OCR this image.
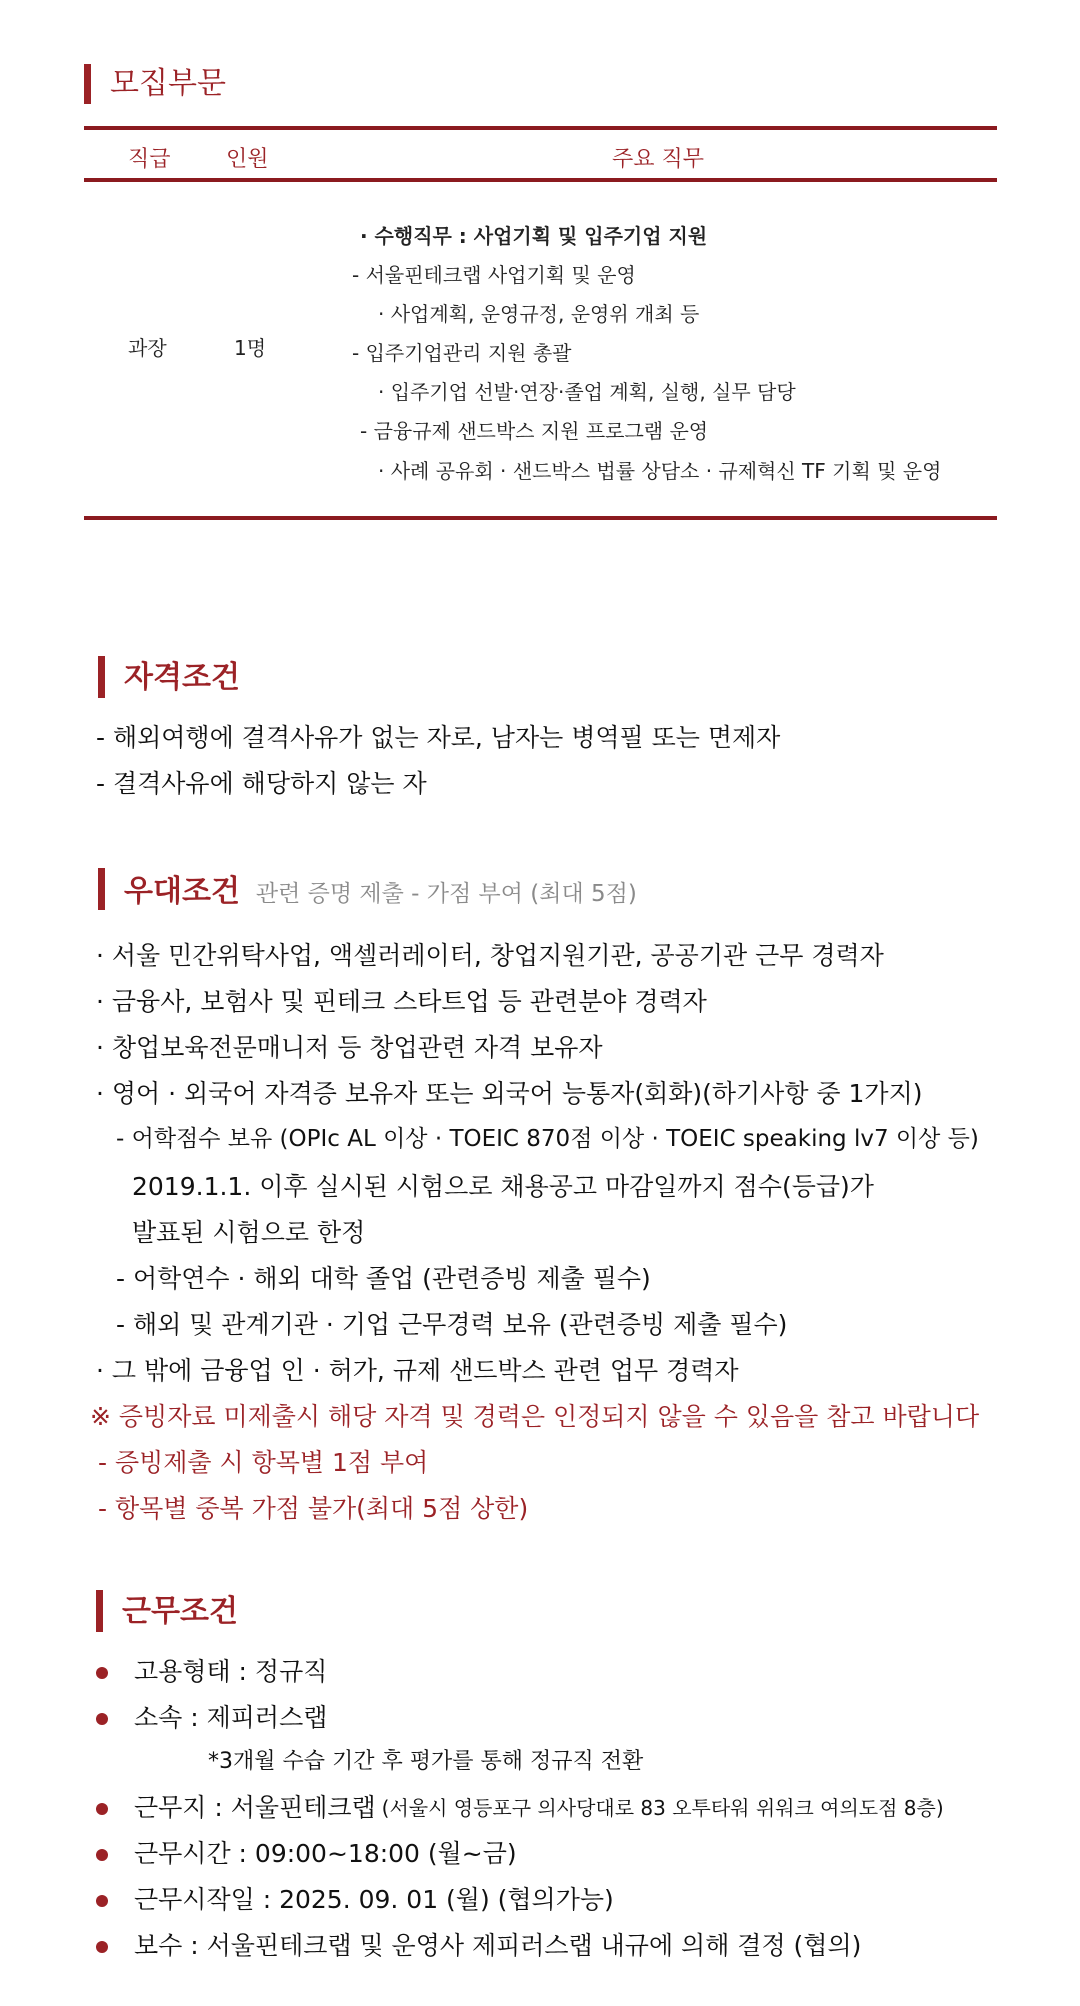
모집부문
직급	인원	주요 직무
과장	1명
· 수행직무 : 사업기획 및 입주기업 지원
- 서울핀테크랩 사업기획 및 운영
· 사업계획, 운영규정, 운영위 개최 등
- 입주기업관리 지원 총괄
· 입주기업 선발·연장·졸업 계획, 실행, 실무 담당
- 금융규제 샌드박스 지원 프로그램 운영
· 사례 공유회 · 샌드박스 법률 상담소 · 규제혁신 TF 기획 및 운영
자격조건
- 해외여행에 결격사유가 없는 자로, 남자는 병역필 또는 면제자
- 결격사유에 해당하지 않는 자
우대조건 관련 증명 제출 - 가점 부여 (최대 5점)
· 서울 민간위탁사업, 액셀러레이터, 창업지원기관, 공공기관 근무 경력자
· 금융사, 보험사 및 핀테크 스타트업 등 관련분야 경력자
· 창업보육전문매니저 등 창업관련 자격 보유자
· 영어 · 외국어 자격증 보유자 또는 외국어 능통자(회화)(하기사항 중 1가지)
- 어학점수 보유 (OPIc AL 이상 · TOEIC 870점 이상 · TOEIC speaking lv7 이상 등)
2019.1.1. 이후 실시된 시험으로 채용공고 마감일까지 점수(등급)가
발표된 시험으로 한정
- 어학연수 · 해외 대학 졸업 (관련증빙 제출 필수)
- 해외 및 관계기관 · 기업 근무경력 보유 (관련증빙 제출 필수)
· 그 밖에 금융업 인 · 허가, 규제 샌드박스 관련 업무 경력자
※ 증빙자료 미제출시 해당 자격 및 경력은 인정되지 않을 수 있음을 참고 바랍니다
- 증빙제출 시 항목별 1점 부여
- 항목별 중복 가점 불가(최대 5점 상한)
근무조건
고용형태 : 정규직
소속 : 제피러스랩
*3개월 수습 기간 후 평가를 통해 정규직 전환
근무지 : 서울핀테크랩 (서울시 영등포구 의사당대로 83 오투타워 위워크 여의도점 8층)
근무시간 : 09:00~18:00 (월~금)
근무시작일 : 2025. 09. 01 (월) (협의가능)
보수 : 서울핀테크랩 및 운영사 제피러스랩 내규에 의해 결정 (협의)
